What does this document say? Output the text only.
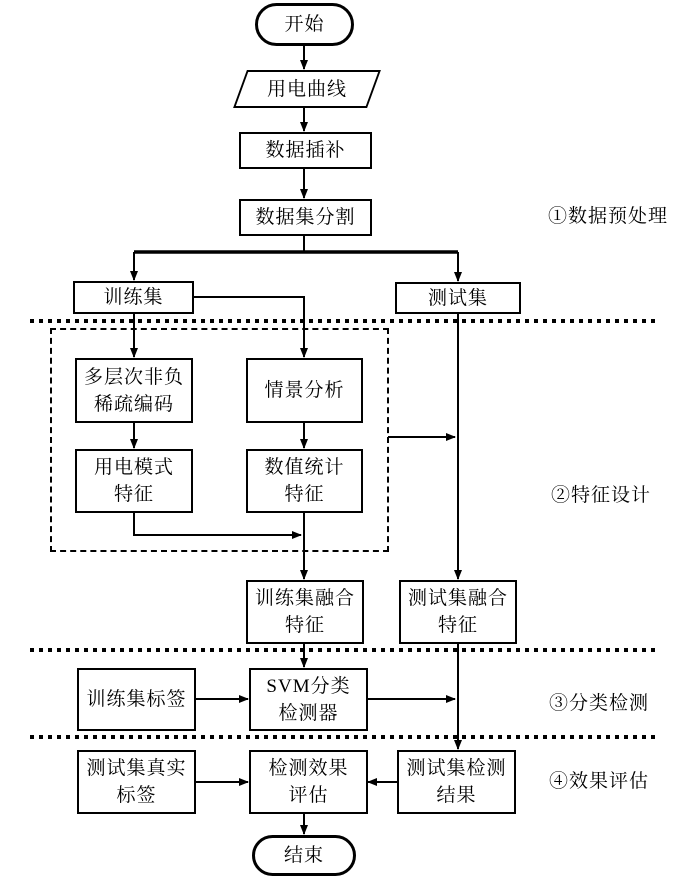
开始
用电曲线
数据插补
数据集分割
训练集	测试集
多层次非负
稀疏编码
情景分析
用电模式
特征
数值统计
特征
训练集融合
特征
测试集融合
特征
训练集标签
SVM分类
检测器
测试集真实
标签
检测效果
评估
测试集检测
结果
结束
①数据预处理
②特征设计
③分类检测
④效果评估
